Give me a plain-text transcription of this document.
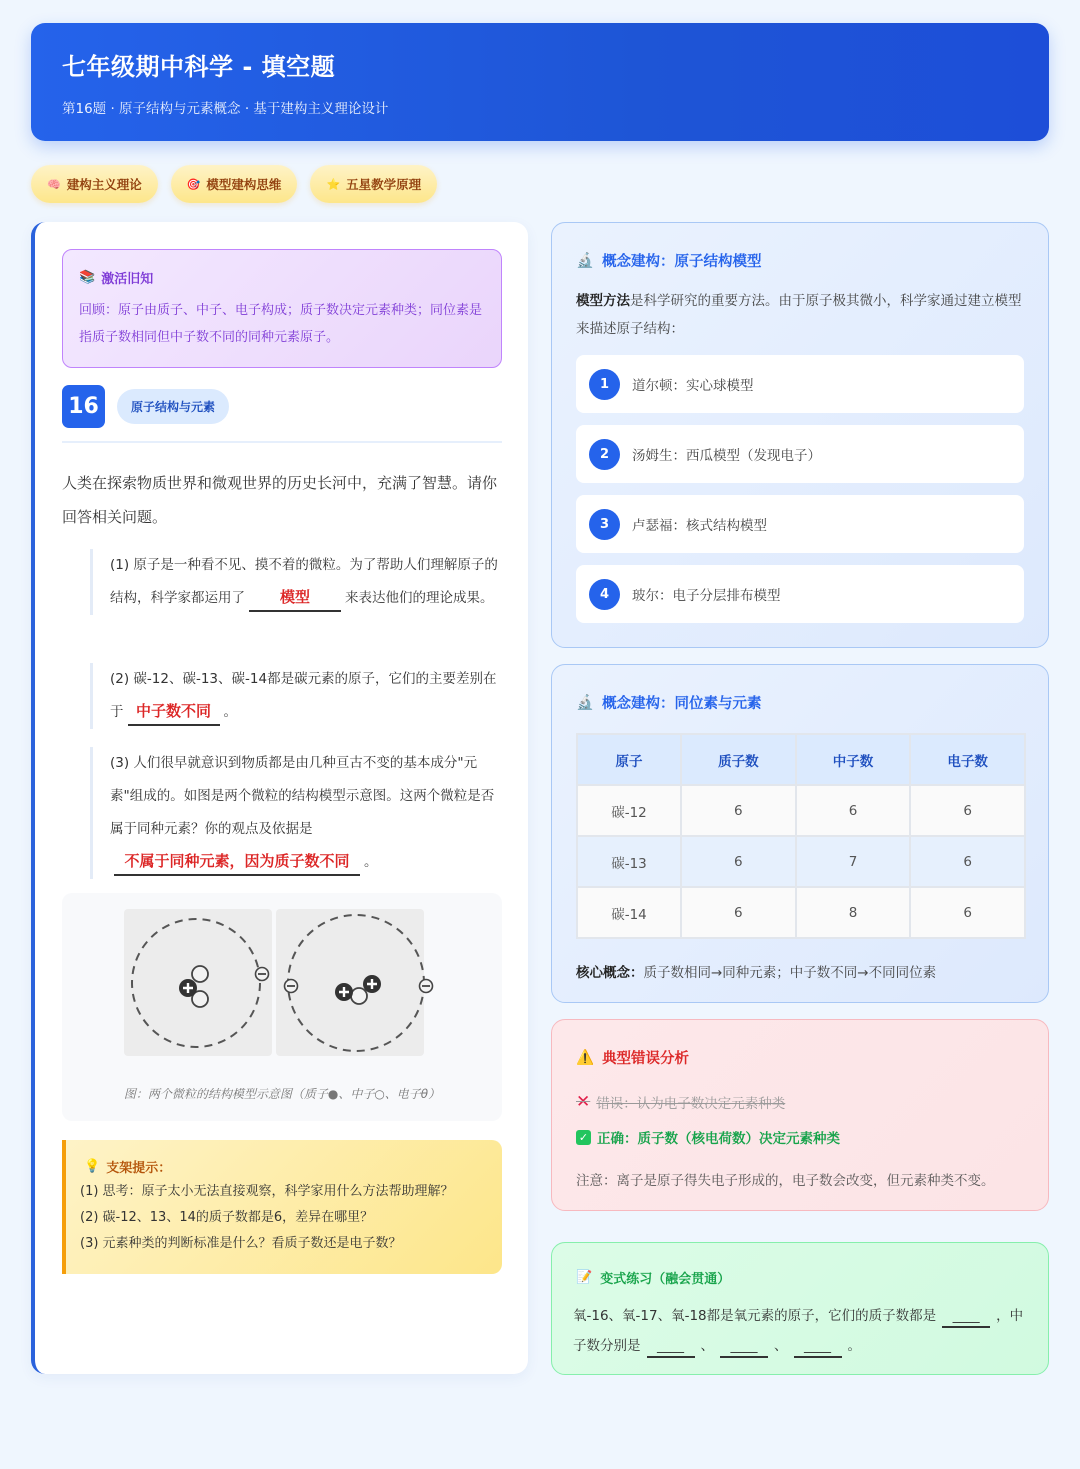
七年级期中科学 - 填空题
第16题 · 原子结构与元素概念 · 基于建构主义理论设计
🧠 建构主义理论	🎯 模型建构思维	⭐ 五星教学原理
📚 激活旧知
回顾：原子由质子、中子、电子构成；质子数决定元素种类；同位素是指质子数相同但中子数不同的同种元素原子。
16	原子结构与元素
人类在探索物质世界和微观世界的历史长河中，充满了智慧。请你回答相关问题。
(1) 原子是一种看不见、摸不着的微粒。为了帮助人们理解原子的结构，科学家都运用了 模型	来表达他们的理论成果。
(2) 碳-12、碳-13、碳-14都是碳元素的原子，它们的主要差别在于 中子数不同 。
(3) 人们很早就意识到物质都是由几种亘古不变的基本成分"元素"组成的。如图是两个微粒的结构模型示意图。这两个微粒是否属于同种元素？你的观点及依据是
不属于同种元素，因为质子数不同 。
图：两个微粒的结构模型示意图（质子●、中子○、电子θ）
💡 支架提示：
(1) 思考：原子太小无法直接观察，科学家用什么方法帮助理解？
(2) 碳-12、13、14的质子数都是6，差异在哪里？
(3) 元素种类的判断标准是什么？看质子数还是电子数？
🔬 概念建构：原子结构模型
模型方法是科学研究的重要方法。由于原子极其微小，科学家通过建立模型来描述原子结构：
1	道尔顿：实心球模型
2	汤姆生：西瓜模型（发现电子）
3	卢瑟福：核式结构模型
4	玻尔：电子分层排布模型
🔬 概念建构：同位素与元素
原子	质子数	中子数	电子数
碳-12	6	6	6
碳-13	6	7	6
碳-14	6	8	6
核心概念：质子数相同→同种元素；中子数不同→不同同位素
⚠️ 典型错误分析
✕ 错误：认为电子数决定元素种类
✓ 正确：质子数（核电荷数）决定元素种类
注意：离子是原子得失电子形成的，电子数会改变，但元素种类不变。
📝 变式练习（融会贯通）
氧-16、氧-17、氧-18都是氧元素的原子，它们的质子数都是 ____ ，中子数分别是 ____ 、 ____ 、 ____ 。
